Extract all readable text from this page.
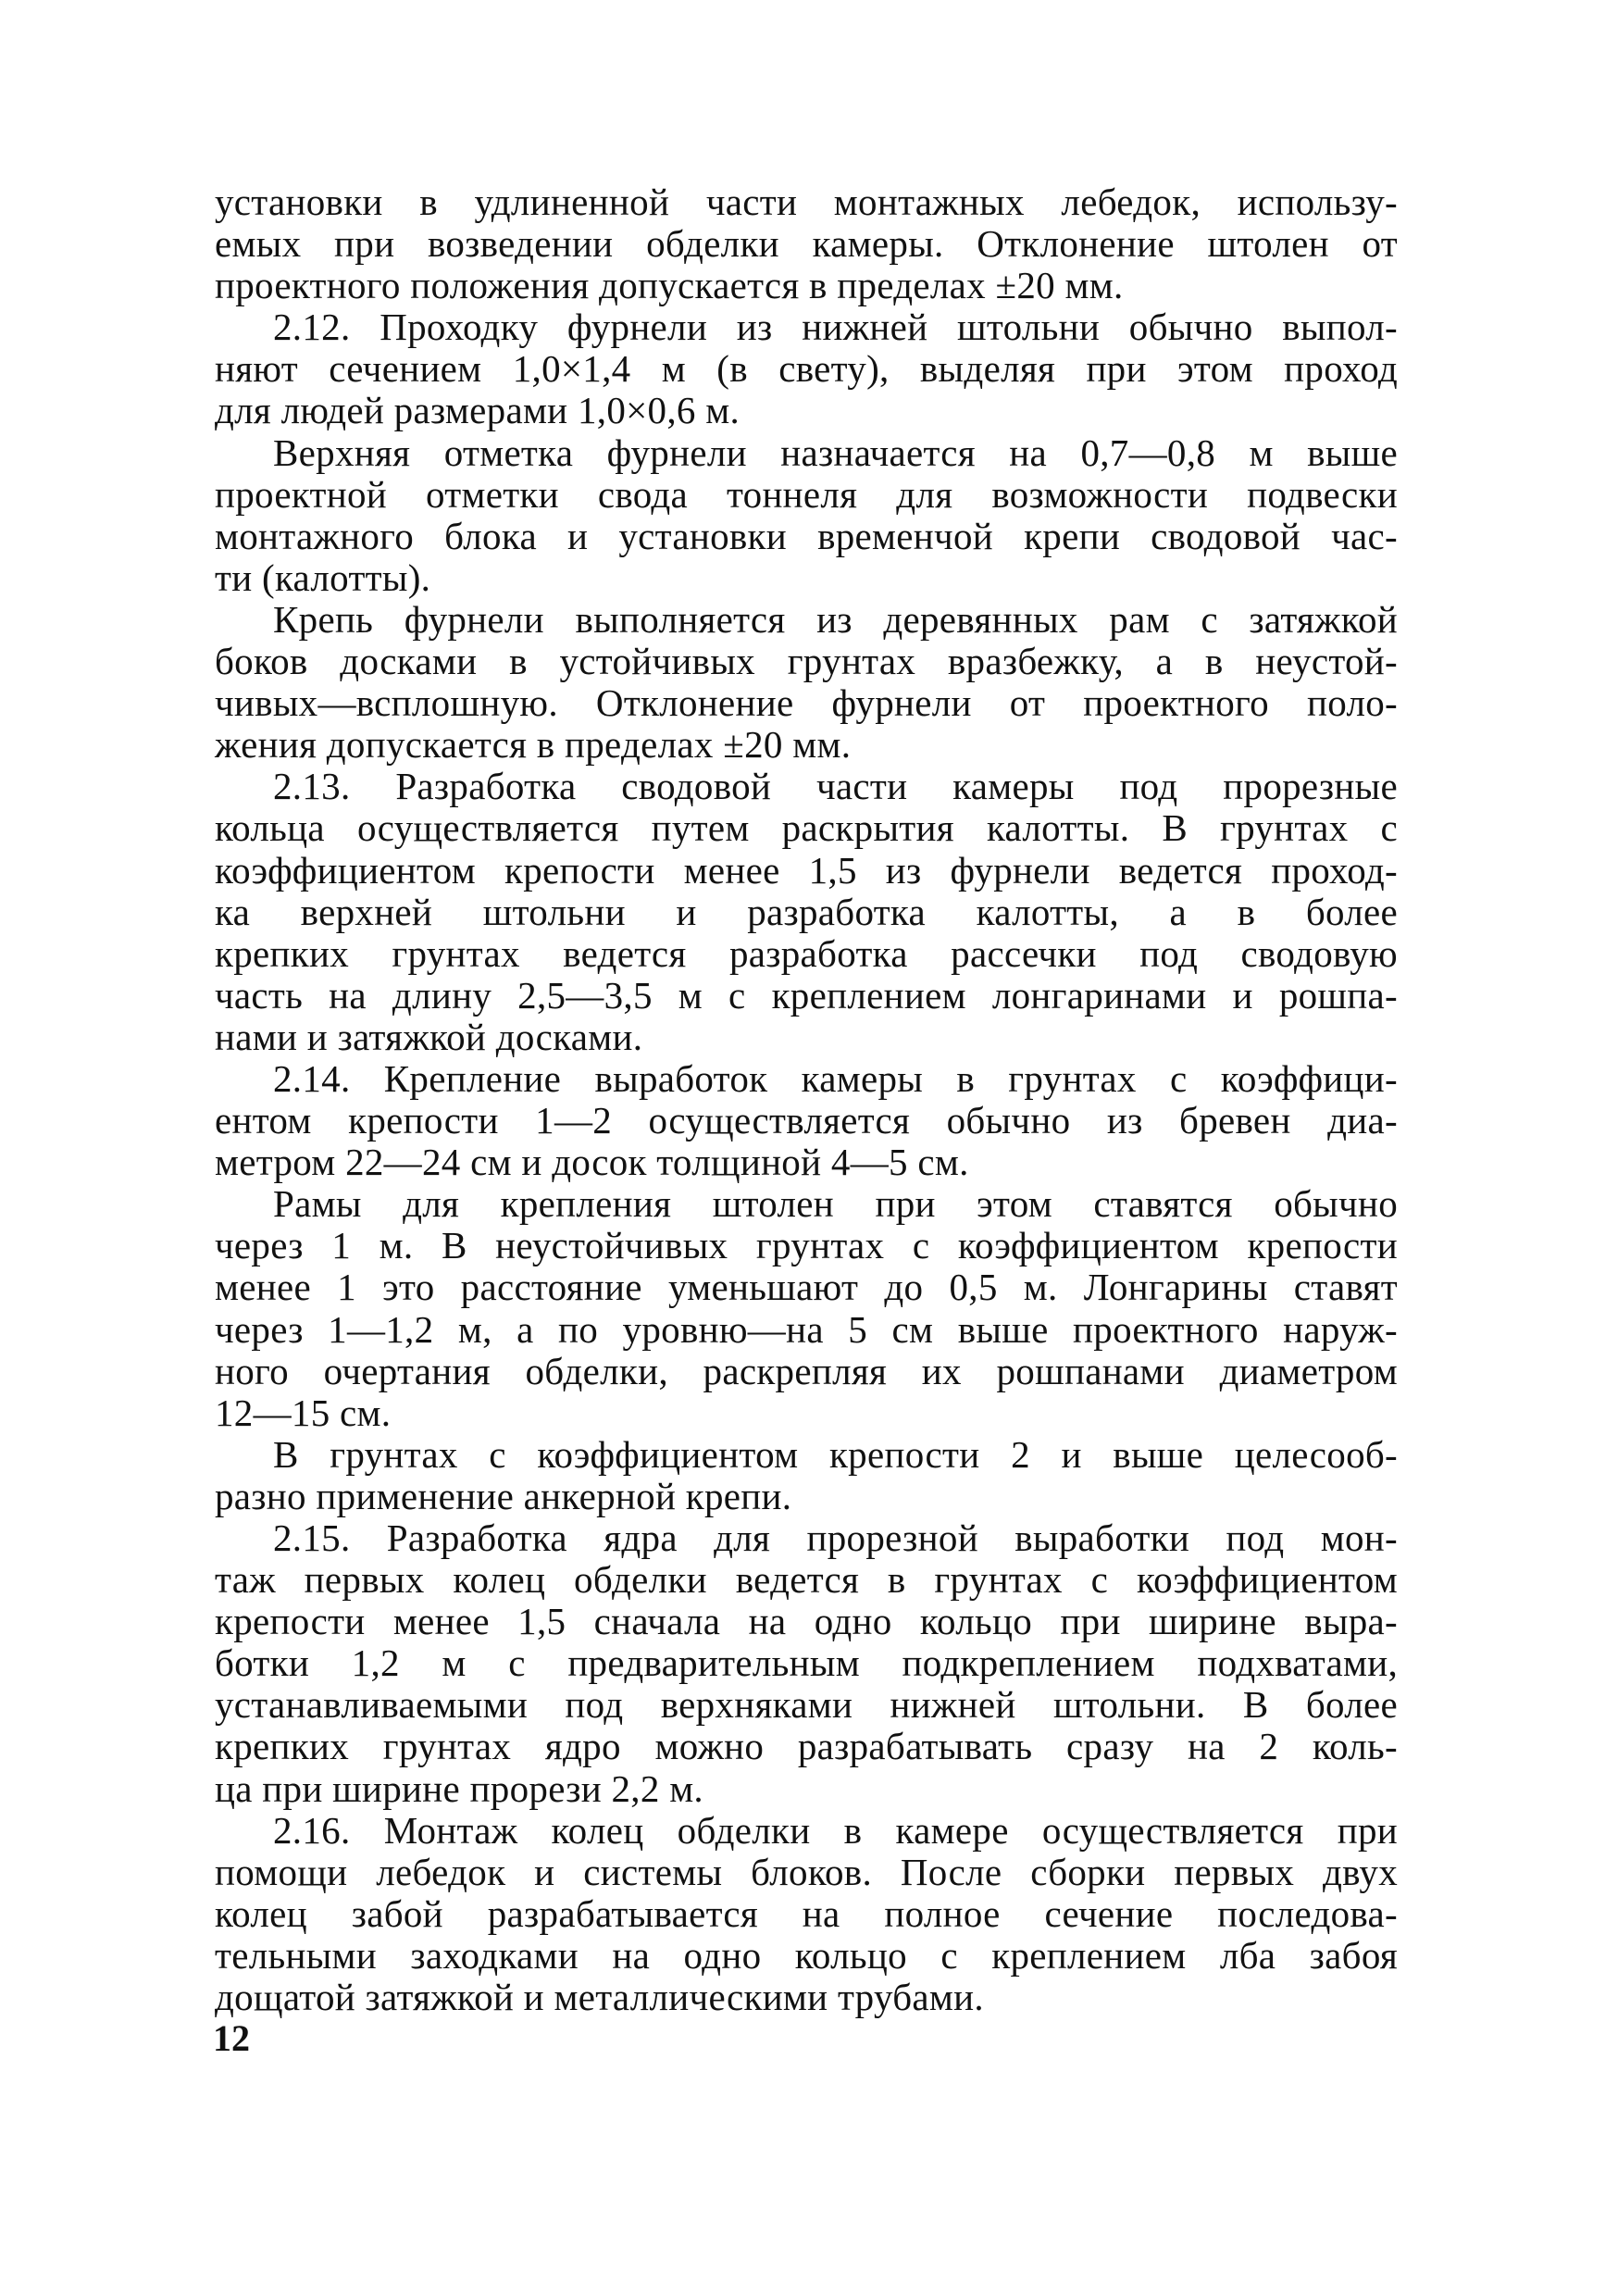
установки в удлиненной части монтажных лебедок, использу-
емых при возведении обделки камеры. Отклонение штолен от
проектного положения допускается в пределах ±20 мм.
2.12. Проходку фурнели из нижней штольни обычно выпол-
няют сечением 1,0×1,4 м (в свету), выделяя при этом проход
для людей размерами 1,0×0,6 м.
Верхняя отметка фурнели назначается на 0,7—0,8 м выше
проектной отметки свода тоннеля для возможности подвески
монтажного блока и установки временчой крепи сводовой час-
ти (калотты).
Крепь фурнели выполняется из деревянных рам с затяжкой
боков досками в устойчивых грунтах вразбежку, а в неустой-
чивых—всплошную. Отклонение фурнели от проектного поло-
жения допускается в пределах ±20 мм.
2.13. Разработка сводовой части камеры под прорезные
кольца осуществляется путем раскрытия калотты. В грунтах с
коэффициентом крепости менее 1,5 из фурнели ведется проход-
ка верхней штольни и разработка калотты, а в более
крепких грунтах ведется разработка рассечки под сводовую
часть на длину 2,5—3,5 м с креплением лонгаринами и рошпа-
нами и затяжкой досками.
2.14. Крепление выработок камеры в грунтах с коэффици-
ентом крепости 1—2 осуществляется обычно из бревен диа-
метром 22—24 см и досок толщиной 4—5 см.
Рамы для крепления штолен при этом ставятся обычно
через 1 м. В неустойчивых грунтах с коэффициентом крепости
менее 1 это расстояние уменьшают до 0,5 м. Лонгарины ставят
через 1—1,2 м, а по уровню—на 5 см выше проектного наруж-
ного очертания обделки, раскрепляя их рошпанами диаметром
12—15 см.
В грунтах с коэффициентом крепости 2 и выше целесооб-
разно применение анкерной крепи.
2.15. Разработка ядра для прорезной выработки под мон-
таж первых колец обделки ведется в грунтах с коэффициентом
крепости менее 1,5 сначала на одно кольцо при ширине выра-
ботки 1,2 м с предварительным подкреплением подхватами,
устанавливаемыми под верхняками нижней штольни. В более
крепких грунтах ядро можно разрабатывать сразу на 2 коль-
ца при ширине прорези 2,2 м.
2.16. Монтаж колец обделки в камере осуществляется при
помощи лебедок и системы блоков. После сборки первых двух
колец забой разрабатывается на полное сечение последова-
тельными заходками на одно кольцо с креплением лба забоя
дощатой затяжкой и металлическими трубами.
12
